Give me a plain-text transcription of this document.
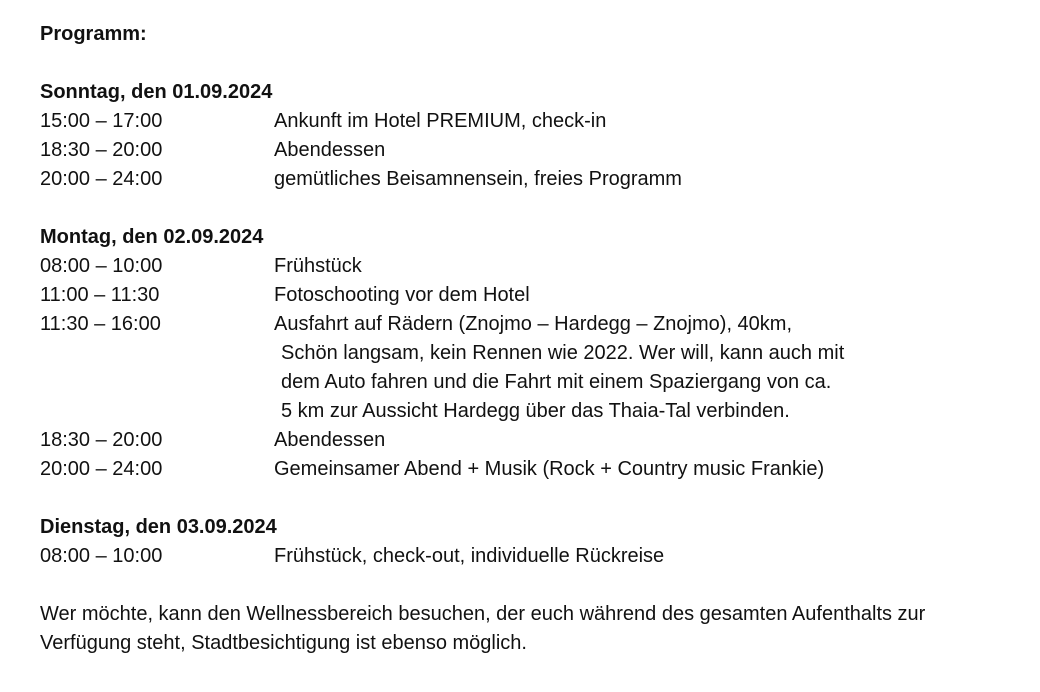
Programm:
Sonntag, den 01.09.2024
15:00 – 17:00	Ankunft im Hotel PREMIUM, check-in
18:30 – 20:00	Abendessen
20:00 – 24:00	gemütliches Beisamnensein, freies Programm
Montag, den 02.09.2024
08:00 – 10:00	Frühstück
11:00 – 11:30	Fotoschooting vor dem Hotel
11:30 – 16:00	Ausfahrt auf Rädern (Znojmo – Hardegg – Znojmo), 40km,
Schön langsam, kein Rennen wie 2022. Wer will, kann auch mit
dem Auto fahren und die Fahrt mit einem Spaziergang von ca.
5 km zur Aussicht Hardegg über das Thaia-Tal verbinden.
18:30 – 20:00	Abendessen
20:00 – 24:00	Gemeinsamer Abend + Musik (Rock + Country music Frankie)
Dienstag, den 03.09.2024
08:00 – 10:00	Frühstück, check-out, individuelle Rückreise
Wer möchte, kann den Wellnessbereich besuchen, der euch während des gesamten Aufenthalts zur Verfügung steht, Stadtbesichtigung ist ebenso möglich.
